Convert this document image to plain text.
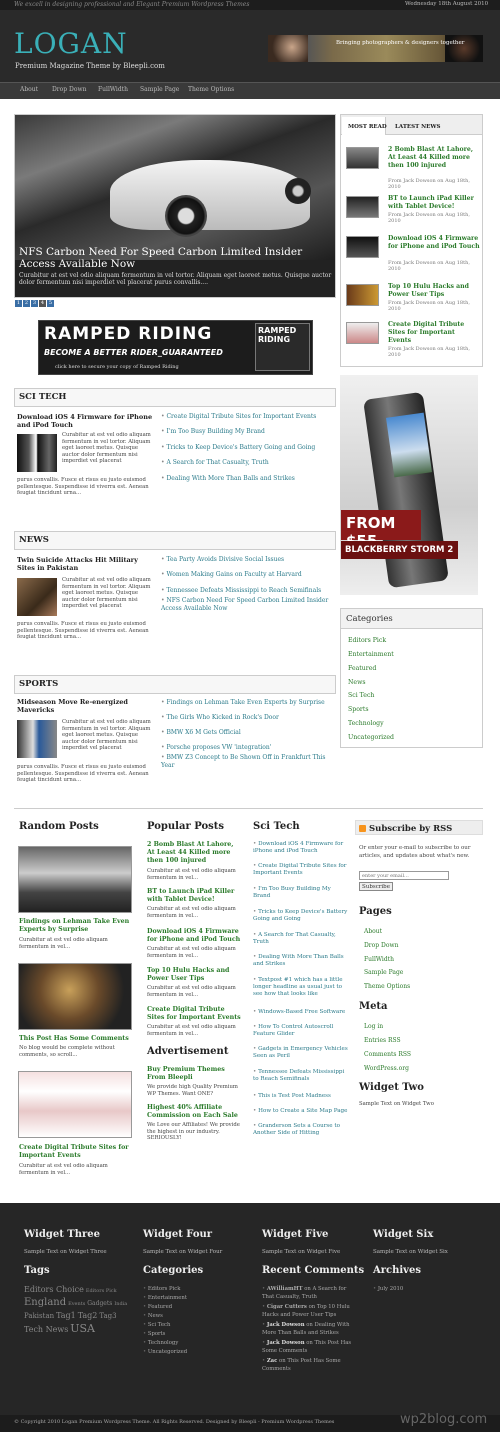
We excell in designing professional and Elegant Premium Wordpress Themes	Wednesday 18th August 2010
LOGAN
Premium Magazine Theme by Bleepli.com
Bringing photographers & designers together
About Drop Down FullWidth Sample Page Theme Options
NFS Carbon Need For Speed Carbon Limited Insider Access Available Now
Curabitur at est vel odio aliquam fermentum in vel tortor. Aliquam eget laoreet metus. Quisque auctor dolor fermentum nisi imperdiet vel placerat purus convallis....
1 2 3 4 5
RAMPED RIDING
BECOME A BETTER RIDER_GUARANTEED
click here to secure your copy of Ramped Riding
RAMPED RIDING
MOST READ LATEST NEWS
2 Bomb Blast At Lahore, At Least 44 Killed more then 100 injured
From Jack Dowson on Aug 18th, 2010
BT to Launch iPad Killer with Tablet Device!
From Jack Dowson on Aug 18th, 2010
Download iOS 4 Firmware for iPhone and iPod Touch
From Jack Dowson on Aug 18th, 2010
Top 10 Hulu Hacks and Power User Tips
From Jack Dowson on Aug 18th, 2010
Create Digital Tribute Sites for Important Events
From Jack Dowson on Aug 18th, 2010
FROM
BLACKBERRY STORM 2
Categories
Editors Pick
Entertainment
Featured
News
Sci Tech
Sports
Technology
Uncategorized
SCI TECH
Download iOS 4 Firmware for iPhone and iPod Touch
Curabitur at est vel odio aliquam fermentum in vel tortor. Aliquam eget laoreet metus. Quisque auctor dolor fermentum nisi imperdiet vel placerat
purus convallis. Fusce et risus eu justo euismod pellentesque. Suspendisse id viverra est. Aenean feugiat tincidunt urna...
• Create Digital Tribute Sites for Important Events
• I'm Too Busy Building My Brand
• Tricks to Keep Device's Battery Going and Going
• A Search for That Casualty, Truth
• Dealing With More Than Balls and Strikes
NEWS
Twin Suicide Attacks Hit Military Sites in Pakistan
Curabitur at est vel odio aliquam fermentum in vel tortor. Aliquam eget laoreet metus. Quisque auctor dolor fermentum nisi imperdiet vel placerat
purus convallis. Fusce et risus eu justo euismod pellentesque. Suspendisse id viverra est. Aenean feugiat tincidunt urna...
• Tea Party Avoids Divisive Social Issues
• Women Making Gains on Faculty at Harvard
• Tennessee Defeats Mississippi to Reach Semifinals
• NFS Carbon Need For Speed Carbon Limited Insider Access Available Now
SPORTS
Midseason Move Re-energized Mavericks
Curabitur at est vel odio aliquam fermentum in vel tortor. Aliquam eget laoreet metus. Quisque auctor dolor fermentum nisi imperdiet vel placerat
purus convallis. Fusce et risus eu justo euismod pellentesque. Suspendisse id viverra est. Aenean feugiat tincidunt urna...
• Findings on Lehman Take Even Experts by Surprise
• The Girls Who Kicked in Rock's Door
• BMW X6 M Gets Official
• Porsche proposes VW 'integration'
• BMW Z3 Concept to Be Shown Off in Frankfurt This Year
Random Posts
Findings on Lehman Take Even Experts by Surprise
Curabitur at est vel odio aliquam fermentum in vel...
This Post Has Some Comments
No blog would be complete without comments, so scroll...
Create Digital Tribute Sites for Important Events
Curabitur at est vel odio aliquam fermentum in vel...
Popular Posts
2 Bomb Blast At Lahore, At Least 44 Killed more then 100 injured
Curabitur at est vel odio aliquam fermentum in vel...
BT to Launch iPad Killer with Tablet Device!
Curabitur at est vel odio aliquam fermentum in vel...
Download iOS 4 Firmware for iPhone and iPod Touch
Curabitur at est vel odio aliquam fermentum in vel...
Top 10 Hulu Hacks and Power User Tips
Curabitur at est vel odio aliquam fermentum in vel...
Create Digital Tribute Sites for Important Events
Curabitur at est vel odio aliquam fermentum in vel...
Advertisement
Buy Premium Themes From Bleepli
We provide high Quality Premium WP Themes. Want ONE?
Highest 40% Affiliate Commission on Each Sale
We Love our Affiliates! We provide the highest in our industry. SERIOUSLY!
Sci Tech
• Download iOS 4 Firmware for iPhone and iPod Touch
• Create Digital Tribute Sites for Important Events
• I'm Too Busy Building My Brand
• Tricks to Keep Device's Battery Going and Going
• A Search for That Casualty, Truth
• Dealing With More Than Balls and Strikes
• Textpost #1 which has a little longer headline as usual just to see how that looks like
• Windows-Based Free Software
• How To Control Autoscroll Feature Glider
• Gadgets in Emergency Vehicles Seen as Peril
• Tennessee Defeats Mississippi to Reach Semifinals
• This is Test Post Madness
• How to Create a Site Map Page
• Granderson Sets a Course to Another Side of Hitting
Subscribe by RSS
Or enter your e-mail to subscribe to our articles, and updates about what's new.
enter your email...
Subscribe
Pages
About
Drop Down
FullWidth
Sample Page
Theme Options
Meta
Log in
Entries RSS
Comments RSS
WordPress.org
Widget Two
Sample Text on Widget Two
Widget Three
Sample Text on Widget Three
Widget Four
Sample Text on Widget Four
Widget Five
Sample Text on Widget Five
Widget Six
Sample Text on Widget Six
Tags
Editors Choice Editors Pick England Events Gadgets India Pakistan Tag1 Tag2 Tag3 Tech News USA
Categories
• Editors Pick
• Entertainment
• Featured
• News
• Sci Tech
• Sports
• Technology
• Uncategorized
Recent Comments
• AWilliamHT on A Search for That Casualty, Truth
• Cigar Cutters on Top 10 Hulu Hacks and Power User Tips
• Jack Dowson on Dealing With More Than Balls and Strikes
• Jack Dowson on This Post Has Some Comments
• Zac on This Post Has Some Comments
Archives
• July 2010
© Copyright 2010 Logan Premium Wordpress Theme. All Rights Reserved. Designed by Bleepli - Premium Wordpress Themes	wp2blog.com
